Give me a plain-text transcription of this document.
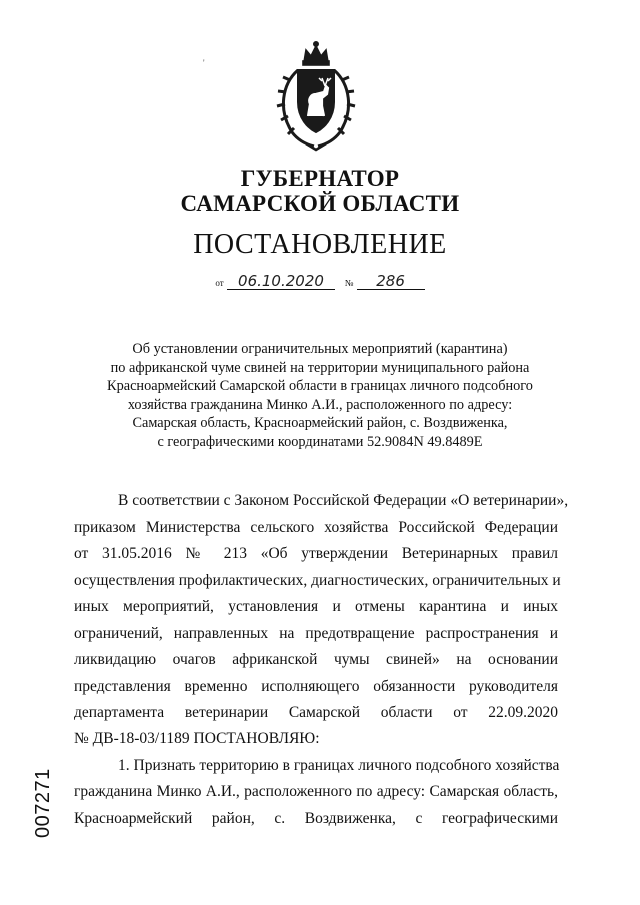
'
ГУБЕРНАТОР
САМАРСКОЙ ОБЛАСТИ
ПОСТАНОВЛЕНИЕ
от 06.10.2020 № 286
Об установлении ограничительных мероприятий (карантина)
по африканской чуме свиней на территории муниципального района
Красноармейский Самарской области в границах личного подсобного
хозяйства гражданина Минко А.И., расположенного по адресу:
Самарская область, Красноармейский район, с. Воздвиженка,
с географическими координатами 52.9084N 49.8489E
В соответствии с Законом Российской Федерации «О ветеринарии»,
приказом Министерства сельского хозяйства Российской Федерации
от 31.05.2016 № 213 «Об утверждении Ветеринарных правил
осуществления профилактических, диагностических, ограничительных и
иных мероприятий, установления и отмены карантина и иных
ограничений, направленных на предотвращение распространения и
ликвидацию очагов африканской чумы свиней» на основании
представления временно исполняющего обязанности руководителя
департамента ветеринарии Самарской области от 22.09.2020
№ ДВ-18-03/1189 ПОСТАНОВЛЯЮ:
1. Признать территорию в границах личного подсобного хозяйства
гражданина Минко А.И., расположенного по адресу: Самарская область,
Красноармейский район, с. Воздвиженка, с географическими
007271
